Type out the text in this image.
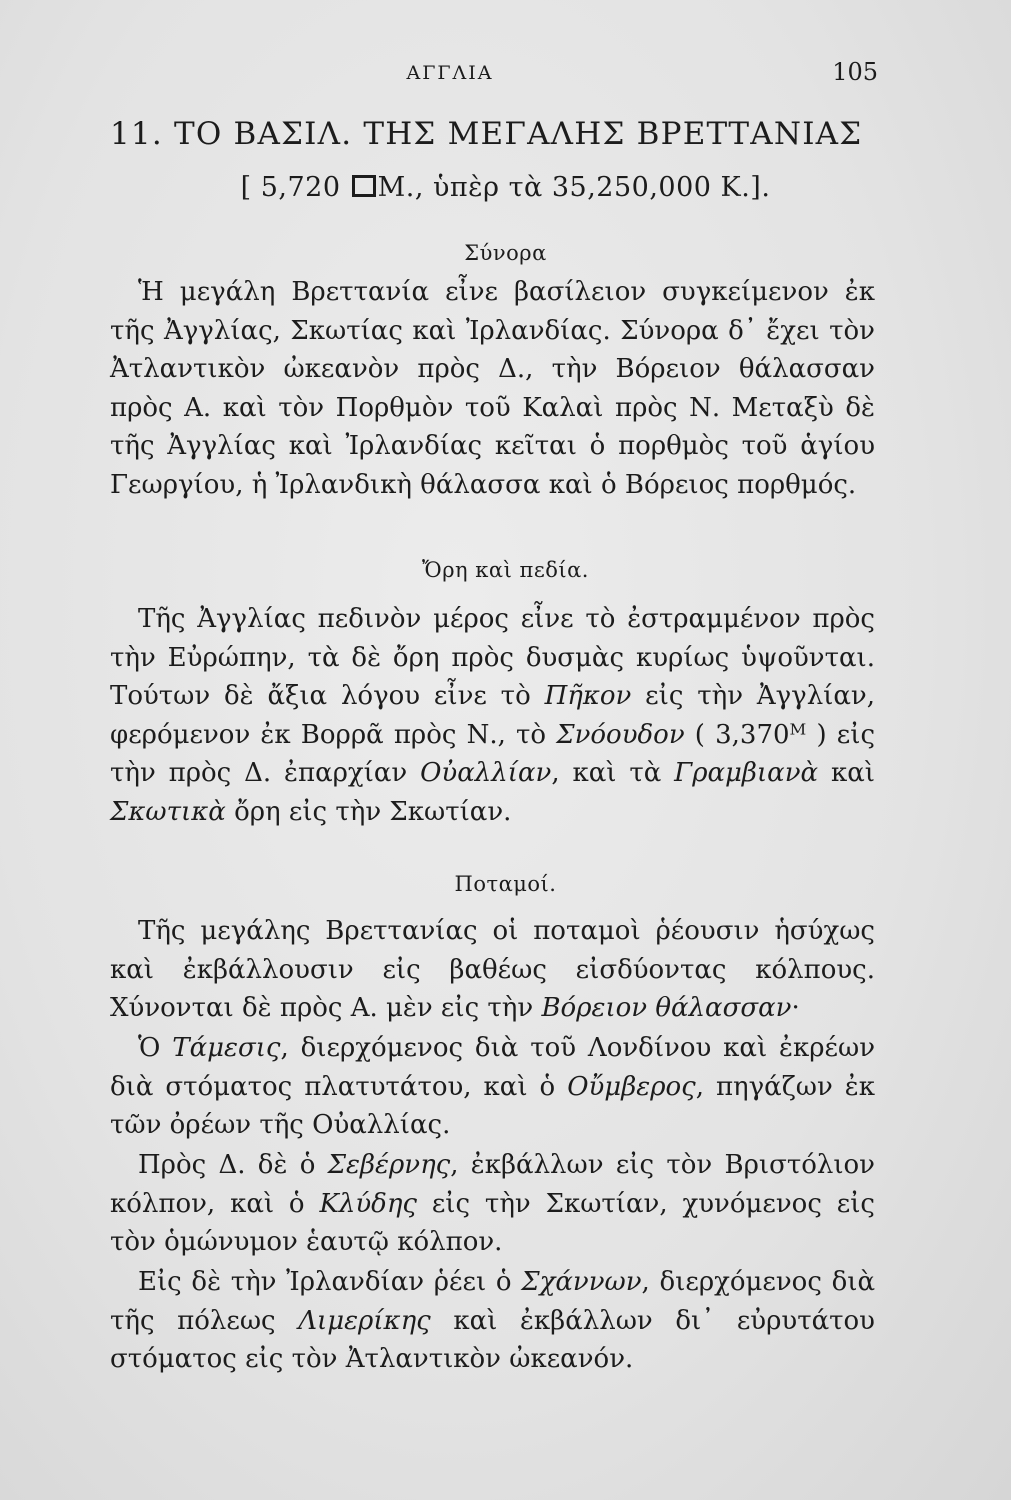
ΑΓΓΛΙΑ	105
11. ΤΟ ΒΑΣΙΛ. ΤΗΣ ΜΕΓΑΛΗΣ ΒΡΕΤΤΑΝΙΑΣ
[ 5,720 Μ., ὑπὲρ τὰ 35,250,000 Κ.].
Σύνορα

Ἡ μεγάλη Βρεττανία εἶνε βασίλειον συγκείμενον ἐκ τῆς Ἀγγλίας, Σκωτίας καὶ Ἰρλανδίας. Σύνορα δ᾽ ἔχει τὸν Ἀτλαντικὸν ὠκεανὸν πρὸς Δ., τὴν Βόρειον θάλασσαν πρὸς Α. καὶ τὸν Πορθμὸν τοῦ Καλαὶ πρὸς Ν. Μεταξὺ δὲ τῆς Ἀγγλίας καὶ Ἰρλανδίας κεῖται ὁ πορθμὸς τοῦ ἁγίου Γεωργίου, ἡ Ἰρλανδικὴ θάλασσα καὶ ὁ Βόρειος πορθμός.

Ὄρη καὶ πεδία.

Τῆς Ἀγγλίας πεδινὸν μέρος εἶνε τὸ ἐστραμμένον πρὸς τὴν Εὐρώπην, τὰ δὲ ὄρη πρὸς δυσμὰς κυρίως ὑψοῦνται. Τούτων δὲ ἄξια λόγου εἶνε τὸ Πῆκον εἰς τὴν Ἀγγλίαν, φερόμενον ἐκ Βορρᾶ πρὸς Ν., τὸ Σνόουδον ( 3,370ᴹ ) εἰς τὴν πρὸς Δ. ἐπαρχίαν Οὐαλλίαν, καὶ τὰ Γραμβιανὰ καὶ Σκωτικὰ ὄρη εἰς τὴν Σκωτίαν.

Ποταμοί.

Τῆς μεγάλης Βρεττανίας οἱ ποταμοὶ ῥέουσιν ἡσύχως καὶ ἐκβάλλουσιν εἰς βαθέως εἰσδύοντας κόλπους. Χύνονται δὲ πρὸς Α. μὲν εἰς τὴν Βόρειον θάλασσαν·

Ὁ Τάμεσις, διερχόμενος διὰ τοῦ Λονδίνου καὶ ἐκρέων διὰ στόματος πλατυτάτου, καὶ ὁ Οὔμβερος, πηγάζων ἐκ τῶν ὀρέων τῆς Οὐαλλίας.

Πρὸς Δ. δὲ ὁ Σεβέρνης, ἐκβάλλων εἰς τὸν Βριστόλιον κόλπον, καὶ ὁ Κλύδης εἰς τὴν Σκωτίαν, χυνόμενος εἰς τὸν ὁμώνυμον ἑαυτῷ κόλπον.

Εἰς δὲ τὴν Ἰρλανδίαν ῥέει ὁ Σχάννων, διερχόμενος διὰ τῆς πόλεως Λιμερίκης καὶ ἐκβάλλων δι᾽ εὐρυτάτου στόματος εἰς τὸν Ἀτλαντικὸν ὠκεανόν.
